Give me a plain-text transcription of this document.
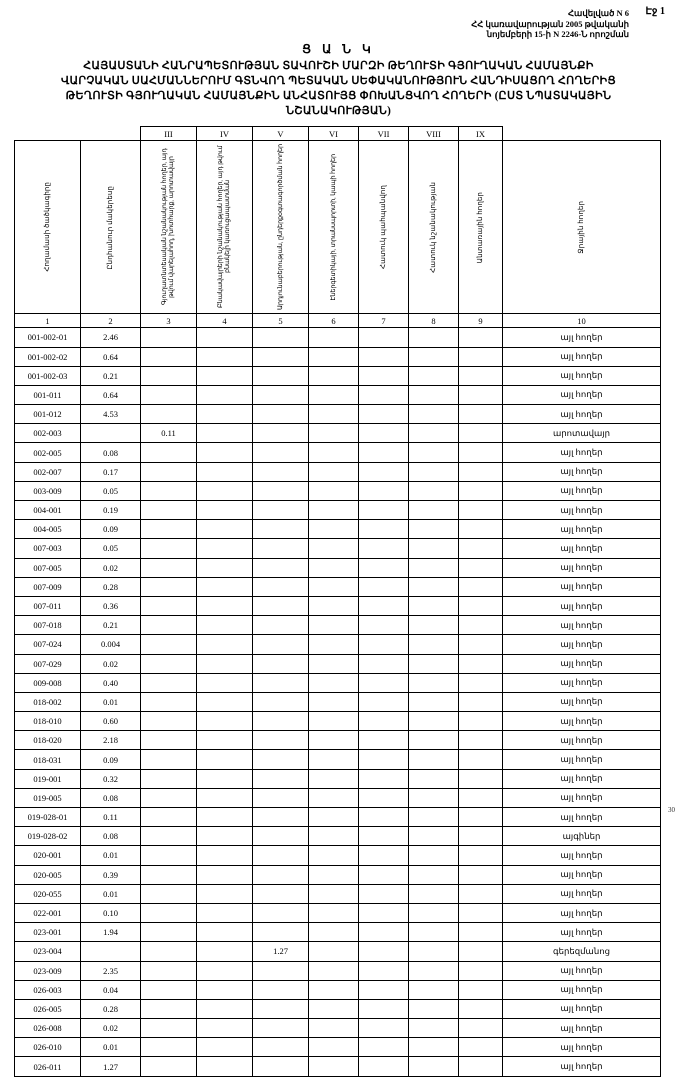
Էջ 1
Հավելված N 6
ՀՀ կառավարության 2005 թվականի
նոյեմբերի 15-ի N 2246-Ն որոշման
Ց Ա Ն Կ
ՀԱՅԱՍՏԱՆԻ ՀԱՆՐԱՊԵՏՈՒԹՅԱՆ ՏԱՎՈՒՇԻ ՄԱՐԶԻ ԹԵՂՈՒՏԻ ԳՅՈՒՂԱԿԱՆ ՀԱՄԱՅՆՔԻ
ՎԱՐՉԱԿԱՆ ՍԱՀՄԱՆՆԵՐՈՒՄ ԳՏՆՎՈՂ ՊԵՏԱԿԱՆ ՍԵՓԱԿԱՆՈՒԹՅՈՒՆ ՀԱՆԴԻՍԱՑՈՂ ՀՈՂԵՐԻՑ
ԹԵՂՈՒՏԻ ԳՅՈՒՂԱԿԱՆ ՀԱՄԱՅՆՔԻՆ ԱՆՀԱՏՈՒՅՑ ՓՈԽԱՆՑՎՈՂ ՀՈՂԵՐԻ (ԸՍՏ ՆՊԱՏԱԿԱՅԻՆ
ՆՇԱՆԱԿՈՒԹՅԱՆ)
		III	IV	V	VI	VII	VIII	IX	

Հողամասի ծածկագիրը	Ընդհանուր մակերեսը	Գյուղատնտեսական նշանակության հողեր, այդ թվում վարելահող, խոտհարք, արոտավայր	Բնակավայրերի նշանակության հողեր, այդ թվում բնակելի կառուցապատման	Արդյունաբերության, ընդերքօգտագործման հողեր	Էներգետիկայի, տրանսպորտի, կապի հողեր	Հատուկ պահպանվող	Հատուկ նշանակության	Անտառային հողեր	Ջրային հողեր

1	2	3	4	5	6	7	8	9	10
001-002-01	2.46								այլ հողեր
001-002-02	0.64								այլ հողեր
001-002-03	0.21								այլ հողեր
001-011	0.64								այլ հողեր
001-012	4.53								այլ հողեր
002-003		0.11							արոտավայր
002-005	0.08								այլ հողեր
002-007	0.17								այլ հողեր
003-009	0.05								այլ հողեր
004-001	0.19								այլ հողեր
004-005	0.09								այլ հողեր
007-003	0.05								այլ հողեր
007-005	0.02								այլ հողեր
007-009	0.28								այլ հողեր
007-011	0.36								այլ հողեր
007-018	0.21								այլ հողեր
007-024	0.004								այլ հողեր
007-029	0.02								այլ հողեր
009-008	0.40								այլ հողեր
018-002	0.01								այլ հողեր
018-010	0.60								այլ հողեր
018-020	2.18								այլ հողեր
018-031	0.09								այլ հողեր
019-001	0.32								այլ հողեր
019-005	0.08								այլ հողեր
019-028-01	0.11								այլ հողեր
019-028-02	0.08								այգիներ
020-001	0.01								այլ հողեր
020-005	0.39								այլ հողեր
020-055	0.01								այլ հողեր
022-001	0.10								այլ հողեր
023-001	1.94								այլ հողեր
023-004				1.27					գերեզմանոց
023-009	2.35								այլ հողեր
026-003	0.04								այլ հողեր
026-005	0.28								այլ հողեր
026-008	0.02								այլ հողեր
026-010	0.01								այլ հողեր
026-011	1.27								այլ հողեր
30
